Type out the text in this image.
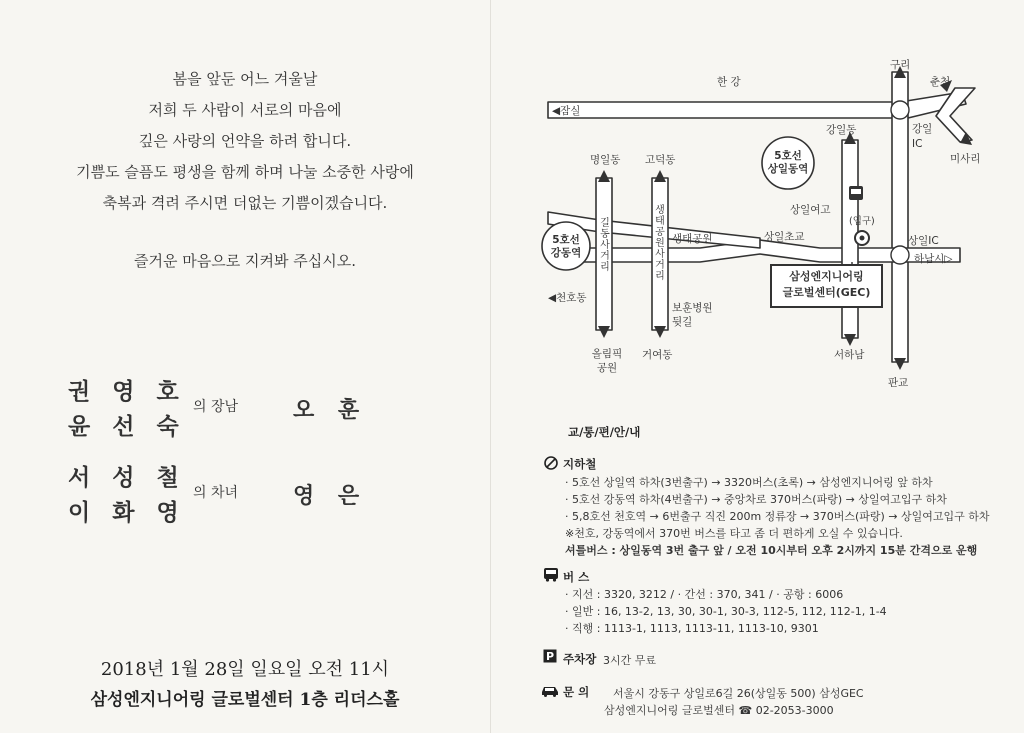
봄을 앞둔 어느 겨울날
저희 두 사람이 서로의 마음에
깊은 사랑의 언약을 하려 합니다.
기쁨도 슬픔도 평생을 함께 하며 나눌 소중한 사랑에
축복과 격려 주시면 더없는 기쁨이겠습니다.
즐거운 마음으로 지켜봐 주십시오.
권 영 호
윤 선 숙
의 장남 오 훈
서 성 철
이 화 영
의 차녀 영 은
2018년 1월 28일 일요일 오전 11시
삼성엔지니어링 글로벌센터 1층 리더스홀
한 강
◀잠실
구리
춘천
강일
IC
미사리
명일동 고덕동
강일동
5호선
상일동역
5호선
강동역
길
동
사
거
리
생
태
공
원
사
거
리
생태공원
상일여고
상일초교
(입구)
상일IC
하남시▷
◀천호동
삼성엔지니어링
글로벌센터(GEC)
보훈병원
뒷길
올림픽
공원
거여동	서하남
판교
교/통/편/안/내
지하철
· 5호선 상일역 하차(3번출구) → 3320버스(초록) → 삼성엔지니어링 앞 하차
· 5호선 강동역 하차(4번출구) → 중앙차로 370버스(파랑) → 상일여고입구 하차
· 5,8호선 천호역 → 6번출구 직진 200m 정류장 → 370버스(파랑) → 상일여고입구 하차
※천호, 강동역에서 370번 버스를 타고 좀 더 편하게 오실 수 있습니다.
셔틀버스 : 상일동역 3번 출구 앞 / 오전 10시부터 오후 2시까지 15분 간격으로 운행
버 스
· 지선 : 3320, 3212 / · 간선 : 370, 341 / · 공항 : 6006
· 일반 : 16, 13-2, 13, 30, 30-1, 30-3, 112-5, 112, 112-1, 1-4
· 직행 : 1113-1, 1113, 1113-11, 1113-10, 9301
P 주차장 3시간 무료
문 의 서울시 강동구 상일로6길 26(상일동 500) 삼성GEC
삼성엔지니어링 글로벌센터 ☎ 02-2053-3000
